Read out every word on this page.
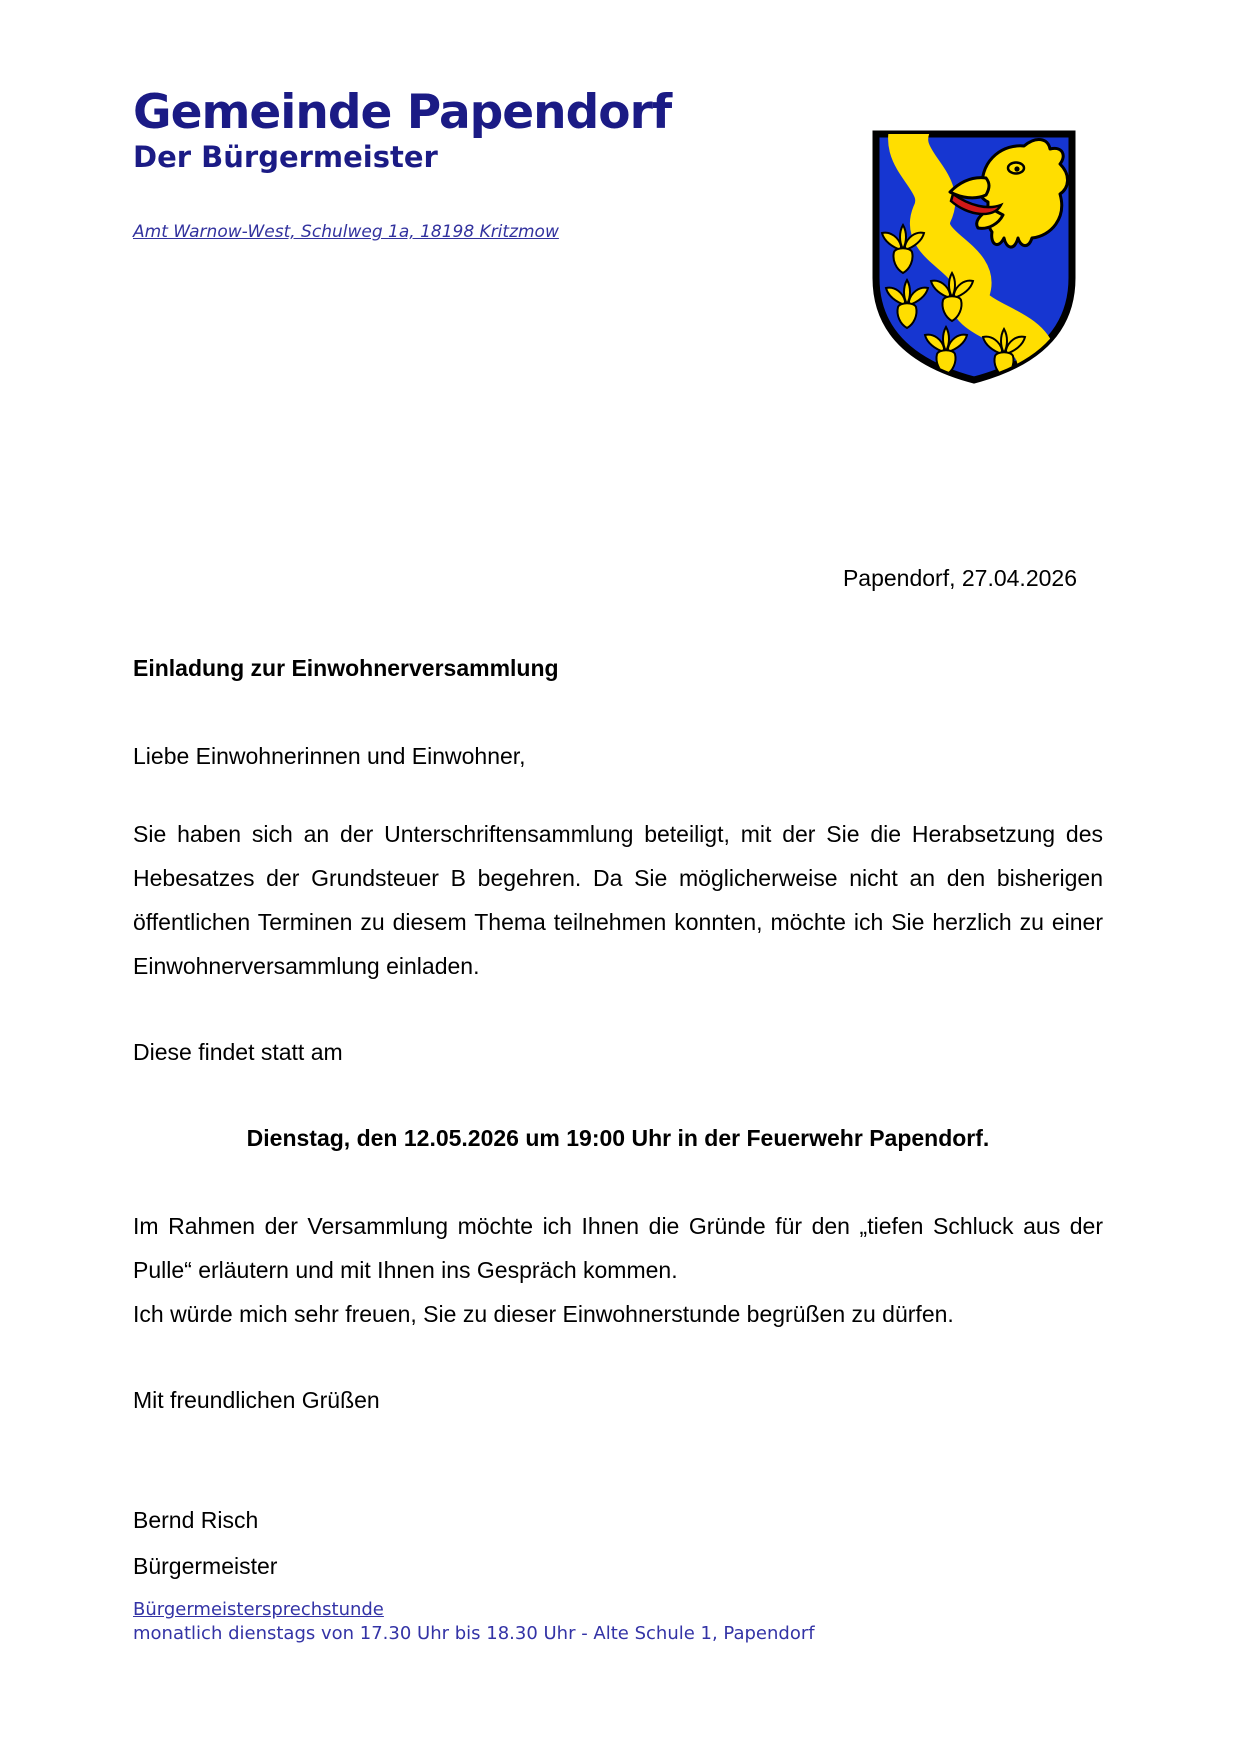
Gemeinde Papendorf
Der Bürgermeister
Amt Warnow-West, Schulweg 1a, 18198 Kritzmow
Papendorf, 27.04.2026
Einladung zur Einwohnerversammlung
Liebe Einwohnerinnen und Einwohner,

Sie haben sich an der Unterschriftensammlung beteiligt, mit der Sie die Herabsetzung des Hebesatzes der Grundsteuer B begehren. Da Sie möglicherweise nicht an den bisherigen öffentlichen Terminen zu diesem Thema teilnehmen konnten, möchte ich Sie herzlich zu einer Einwohnerversammlung einladen.

Diese findet statt am
Dienstag, den 12.05.2026 um 19:00 Uhr in der Feuerwehr Papendorf.

Im Rahmen der Versammlung möchte ich Ihnen die Gründe für den „tiefen Schluck aus der Pulle“ erläutern und mit Ihnen ins Gespräch kommen.

Ich würde mich sehr freuen, Sie zu dieser Einwohnerstunde begrüßen zu dürfen.

Mit freundlichen Grüßen
Bernd Risch
Bürgermeister
Bürgermeistersprechstunde
monatlich dienstags von 17.30 Uhr bis 18.30 Uhr - Alte Schule 1, Papendorf
